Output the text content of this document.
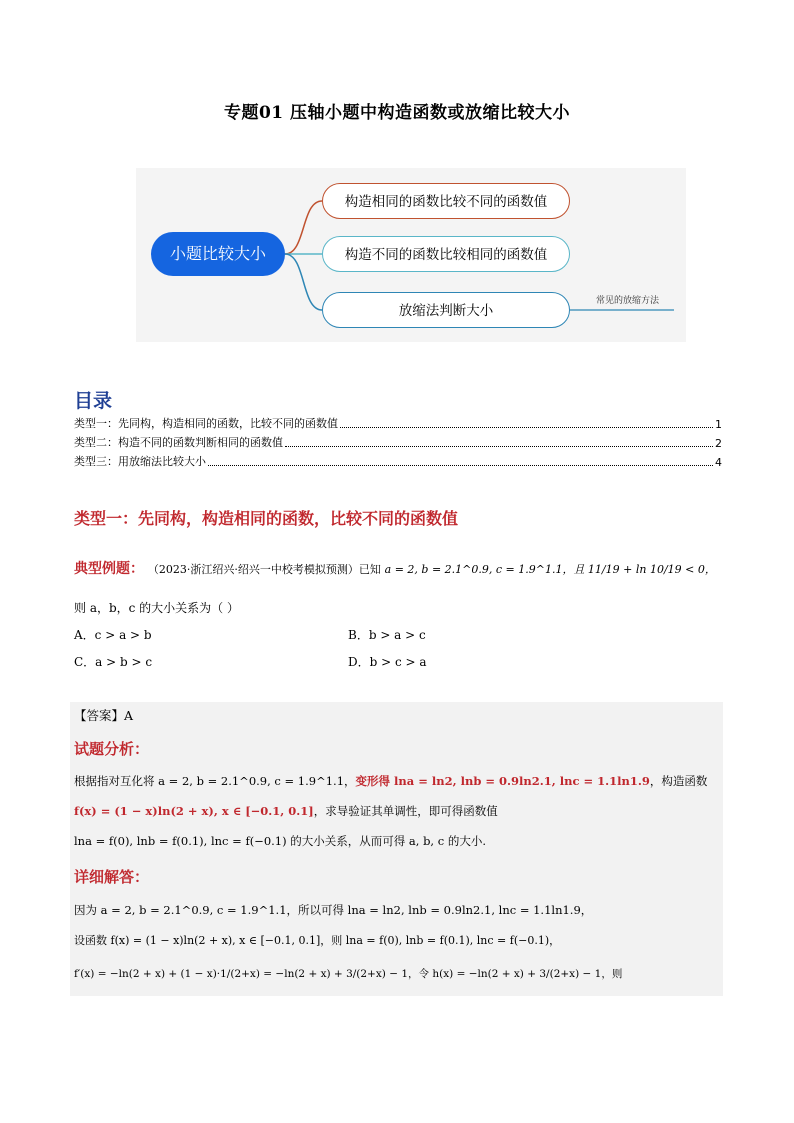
专题01 压轴小题中构造函数或放缩比较大小
小题比较大小
构造相同的函数比较不同的函数值
构造不同的函数比较相同的函数值
放缩法判断大小
常见的放缩方法
目录
类型一：先同构，构造相同的函数，比较不同的函数值	1
类型二：构造不同的函数判断相同的函数值	2
类型三：用放缩法比较大小	4
类型一：先同构，构造相同的函数，比较不同的函数值
典型例题： （2023·浙江绍兴·绍兴一中校考模拟预测）已知 a = 2, b = 2.1^0.9, c = 1.9^1.1，且 11/19 + ln 10/19 < 0，
则 a，b，c 的大小关系为（ ）
A．c > a > b	B．b > a > c
C．a > b > c	D．b > c > a
【答案】A
试题分析：
根据指对互化将 a = 2, b = 2.1^0.9, c = 1.9^1.1，变形得 lna = ln2, lnb = 0.9ln2.1, lnc = 1.1ln1.9，构造函数
f(x) = (1 − x)ln(2 + x), x ∈ [−0.1, 0.1]，求导验证其单调性，即可得函数值
lna = f(0), lnb = f(0.1), lnc = f(−0.1) 的大小关系，从而可得 a, b, c 的大小.
详细解答：
因为 a = 2, b = 2.1^0.9, c = 1.9^1.1，所以可得 lna = ln2, lnb = 0.9ln2.1, lnc = 1.1ln1.9，
设函数 f(x) = (1 − x)ln(2 + x), x ∈ [−0.1, 0.1]，则 lna = f(0), lnb = f(0.1), lnc = f(−0.1)，
f′(x) = −ln(2 + x) + (1 − x)·1/(2+x) = −ln(2 + x) + 3/(2+x) − 1，令 h(x) = −ln(2 + x) + 3/(2+x) − 1，则
